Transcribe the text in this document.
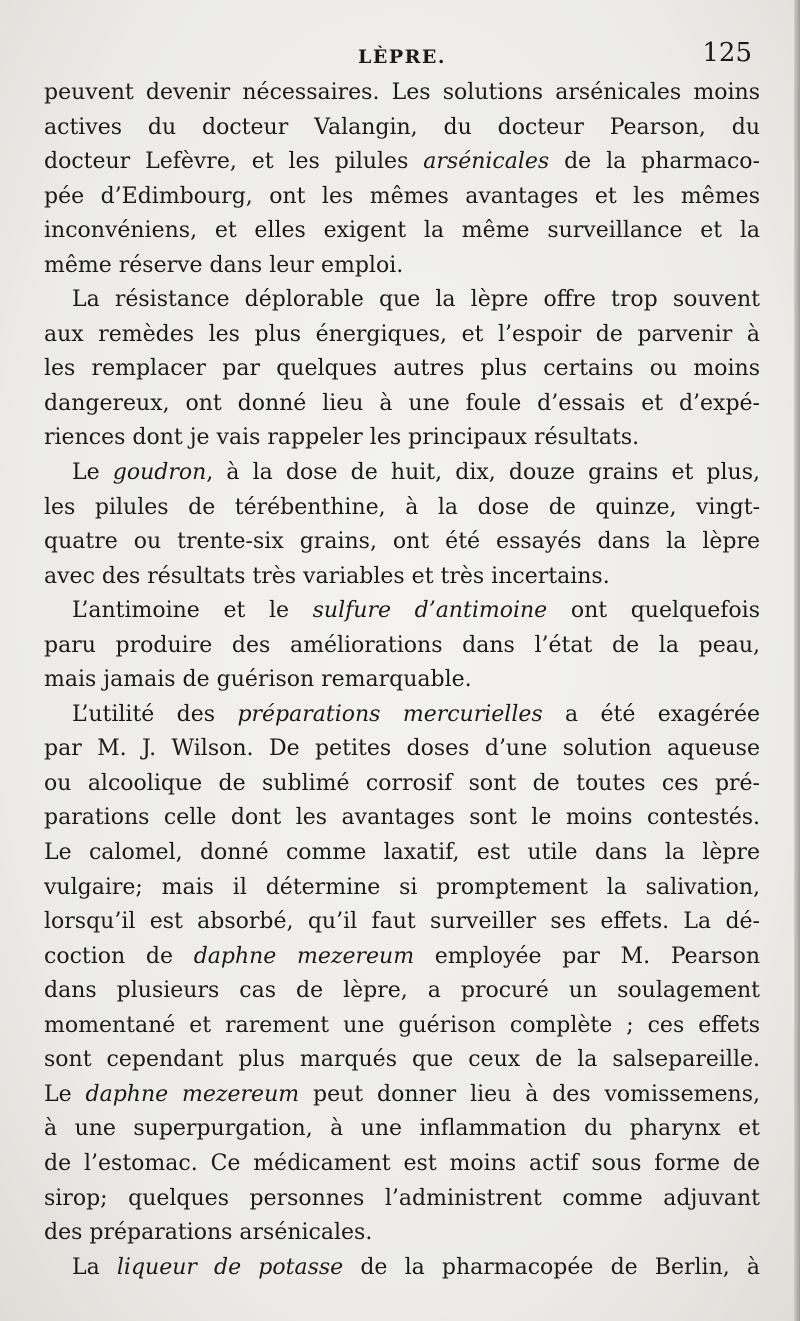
LÈPRE.	125
peuvent devenir nécessaires. Les solutions arsénicales moins
actives du docteur Valangin, du docteur Pearson, du
docteur Lefèvre, et les pilules arsénicales de la pharmaco-
pée d’Edimbourg, ont les mêmes avantages et les mêmes
inconvéniens, et elles exigent la même surveillance et la
même réserve dans leur emploi.
La résistance déplorable que la lèpre offre trop souvent
aux remèdes les plus énergiques, et l’espoir de parvenir à
les remplacer par quelques autres plus certains ou moins
dangereux, ont donné lieu à une foule d’essais et d’expé-
riences dont je vais rappeler les principaux résultats.
Le goudron, à la dose de huit, dix, douze grains et plus,
les pilules de térébenthine, à la dose de quinze, vingt-
quatre ou trente-six grains, ont été essayés dans la lèpre
avec des résultats très variables et très incertains.
L’antimoine et le sulfure d’antimoine ont quelquefois
paru produire des améliorations dans l’état de la peau,
mais jamais de guérison remarquable.
L’utilité des préparations mercurielles a été exagérée
par M. J. Wilson. De petites doses d’une solution aqueuse
ou alcoolique de sublimé corrosif sont de toutes ces pré-
parations celle dont les avantages sont le moins contestés.
Le calomel, donné comme laxatif, est utile dans la lèpre
vulgaire; mais il détermine si promptement la salivation,
lorsqu’il est absorbé, qu’il faut surveiller ses effets. La dé-
coction de daphne mezereum employée par M. Pearson
dans plusieurs cas de lèpre, a procuré un soulagement
momentané et rarement une guérison complète ; ces effets
sont cependant plus marqués que ceux de la salsepareille.
Le daphne mezereum peut donner lieu à des vomissemens,
à une superpurgation, à une inflammation du pharynx et
de l’estomac. Ce médicament est moins actif sous forme de
sirop; quelques personnes l’administrent comme adjuvant
des préparations arsénicales.
La liqueur de potasse de la pharmacopée de Berlin, à
